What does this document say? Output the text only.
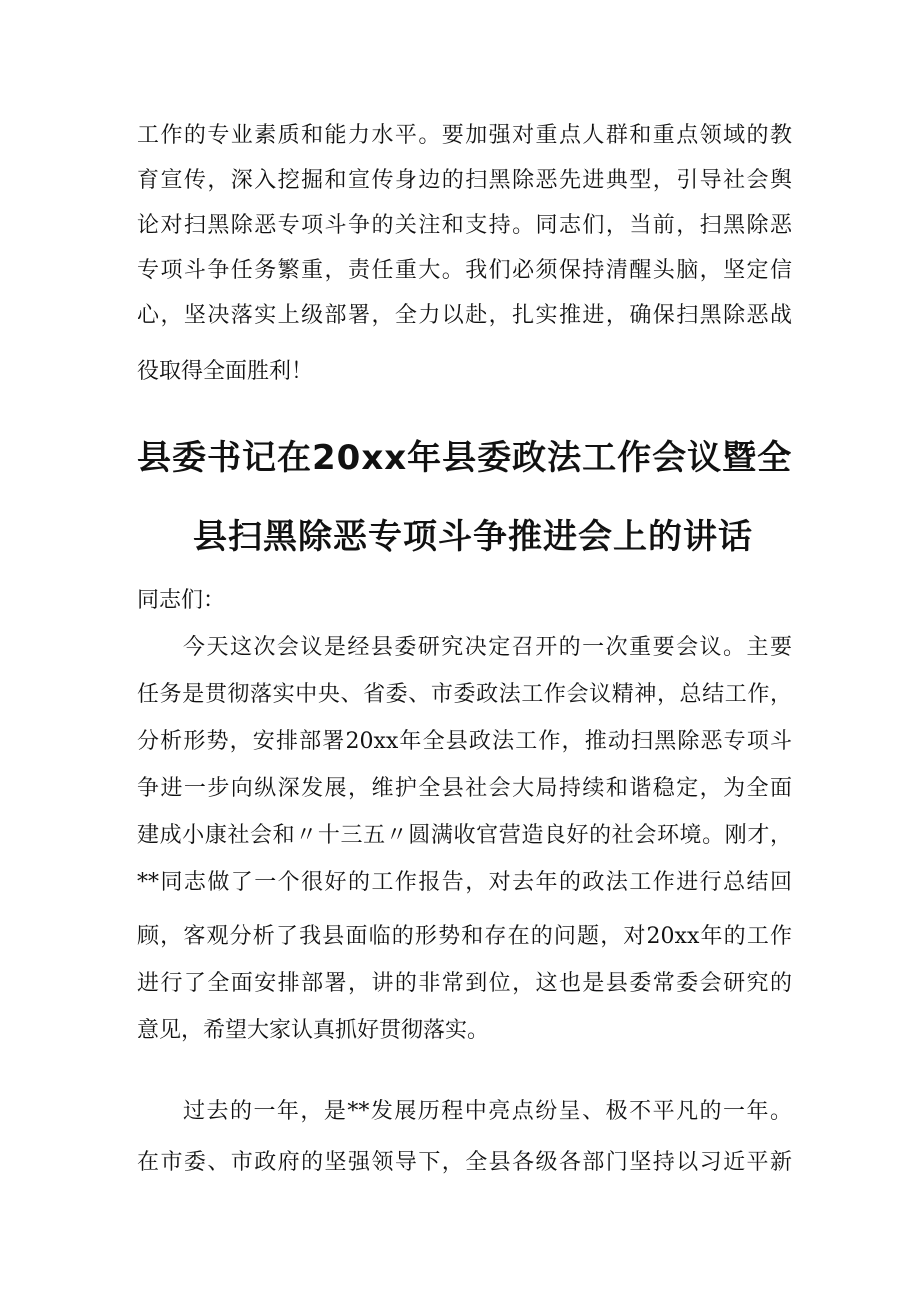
工作的专业素质和能力水平。要加强对重点人群和重点领域的教
育宣传，深入挖掘和宣传身边的扫黑除恶先进典型，引导社会舆
论对扫黑除恶专项斗争的关注和支持。同志们，当前，扫黑除恶
专项斗争任务繁重，责任重大。我们必须保持清醒头脑，坚定信
心，坚决落实上级部署，全力以赴，扎实推进，确保扫黑除恶战
役取得全面胜利！
县委书记在20xx年县委政法工作会议暨全
县扫黑除恶专项斗争推进会上的讲话
同志们：
今天这次会议是经县委研究决定召开的一次重要会议。主要
任务是贯彻落实中央、省委、市委政法工作会议精神，总结工作，
分析形势，安排部署20xx年全县政法工作，推动扫黑除恶专项斗
争进一步向纵深发展，维护全县社会大局持续和谐稳定，为全面
建成小康社会和〃十三五〃圆满收官营造良好的社会环境。刚才，
**同志做了一个很好的工作报告，对去年的政法工作进行总结回
顾，客观分析了我县面临的形势和存在的问题，对20xx年的工作
进行了全面安排部署，讲的非常到位，这也是县委常委会研究的
意见，希望大家认真抓好贯彻落实。
过去的一年，是**发展历程中亮点纷呈、极不平凡的一年。
在市委、市政府的坚强领导下，全县各级各部门坚持以习近平新
